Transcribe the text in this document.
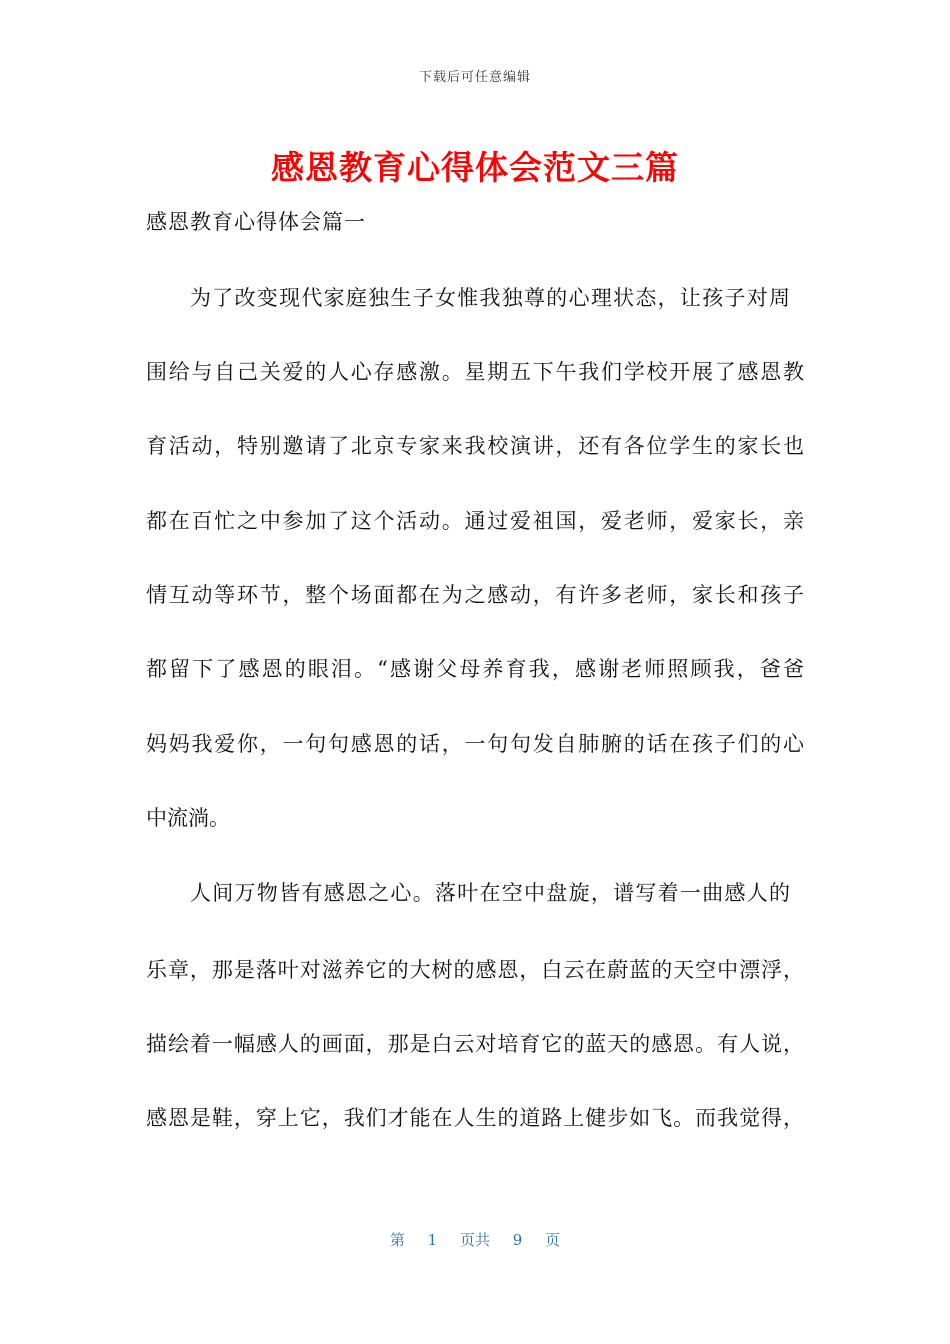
下载后可任意编辑
感恩教育心得体会范文三篇
感恩教育心得体会篇一
为了改变现代家庭独生子女惟我独尊的心理状态，让孩子对周
围给与自己关爱的人心存感激。星期五下午我们学校开展了感恩教
育活动，特别邀请了北京专家来我校演讲，还有各位学生的家长也
都在百忙之中参加了这个活动。通过爱祖国，爱老师，爱家长，亲
情互动等环节，整个场面都在为之感动，有许多老师，家长和孩子
都留下了感恩的眼泪。“感谢父母养育我，感谢老师照顾我，爸爸
妈妈我爱你，一句句感恩的话，一句句发自肺腑的话在孩子们的心
中流淌。
人间万物皆有感恩之心。落叶在空中盘旋，谱写着一曲感人的
乐章，那是落叶对滋养它的大树的感恩，白云在蔚蓝的天空中漂浮，
描绘着一幅感人的画面，那是白云对培育它的蓝天的感恩。有人说，
感恩是鞋，穿上它，我们才能在人生的道路上健步如飞。而我觉得，
第 1 页共 9 页
